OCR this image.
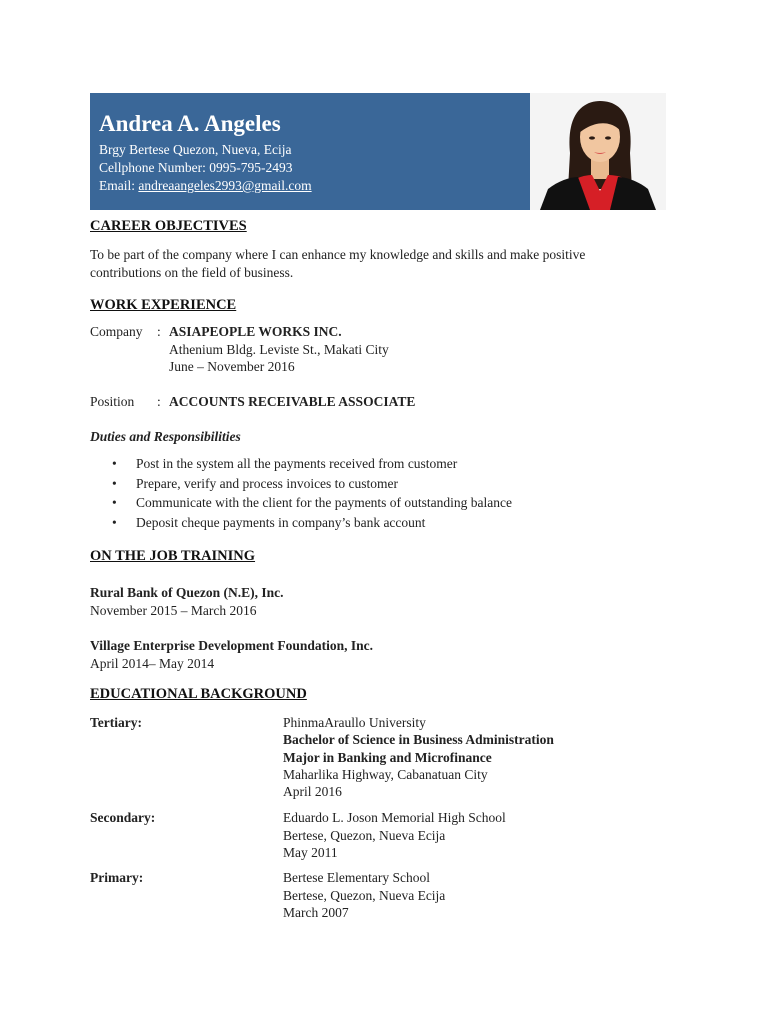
Andrea A. Angeles
Brgy Bertese Quezon, Nueva, Ecija
Cellphone Number: 0995-795-2493
Email: andreaangeles2993@gmail.com
CAREER OBJECTIVES
To be part of the company where I can enhance my knowledge and skills and make positive
contributions on the field of business.
WORK EXPERIENCE
Company : ASIAPEOPLE WORKS INC.
Athenium Bldg. Leviste St., Makati City
June – November 2016
Position : ACCOUNTS RECEIVABLE ASSOCIATE
Duties and Responsibilities
• Post in the system all the payments received from customer
• Prepare, verify and process invoices to customer
• Communicate with the client for the payments of outstanding balance
• Deposit cheque payments in company’s bank account
ON THE JOB TRAINING
Rural Bank of Quezon (N.E), Inc.
November 2015 – March 2016
Village Enterprise Development Foundation, Inc.
April 2014– May 2014
EDUCATIONAL BACKGROUND
Tertiary:	PhinmaAraullo University
Bachelor of Science in Business Administration
Major in Banking and Microfinance
Maharlika Highway, Cabanatuan City
April 2016
Secondary:	Eduardo L. Joson Memorial High School
Bertese, Quezon, Nueva Ecija
May 2011
Primary:	Bertese Elementary School
Bertese, Quezon, Nueva Ecija
March 2007
